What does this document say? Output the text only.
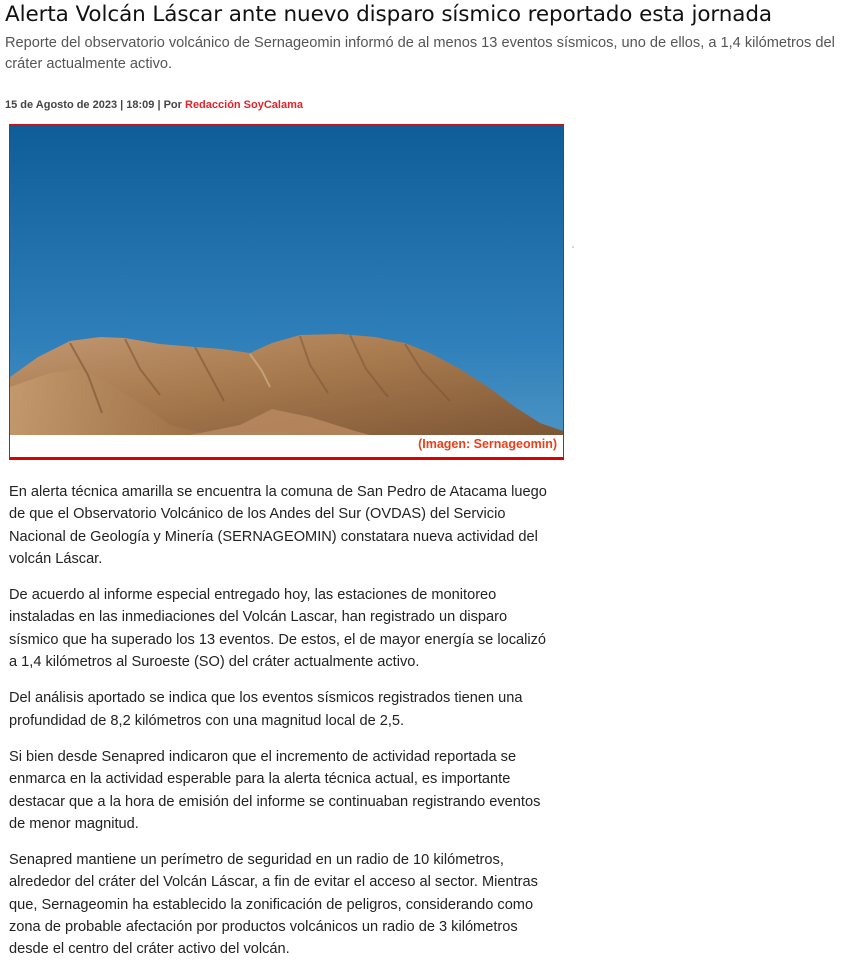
Alerta Volcán Láscar ante nuevo disparo sísmico reportado esta jornada

Reporte del observatorio volcánico de Sernageomin informó de al menos 13 eventos sísmicos, uno de ellos, a 1,4 kilómetros del cráter actualmente activo.

15 de Agosto de 2023 | 18:09 | Por Redacción SoyCalama

(Imagen: Sernageomin)

En alerta técnica amarilla se encuentra la comuna de San Pedro de Atacama luego de que el Observatorio Volcánico de los Andes del Sur (OVDAS) del Servicio Nacional de Geología y Minería (SERNAGEOMIN) constatara nueva actividad del volcán Láscar.

De acuerdo al informe especial entregado hoy, las estaciones de monitoreo instaladas en las inmediaciones del Volcán Lascar, han registrado un disparo sísmico que ha superado los 13 eventos. De estos, el de mayor energía se localizó a 1,4 kilómetros al Suroeste (SO) del cráter actualmente activo.

Del análisis aportado se indica que los eventos sísmicos registrados tienen una profundidad de 8,2 kilómetros con una magnitud local de 2,5.

Si bien desde Senapred indicaron que el incremento de actividad reportada se enmarca en la actividad esperable para la alerta técnica actual, es importante destacar que a la hora de emisión del informe se continuaban registrando eventos de menor magnitud.

Senapred mantiene un perímetro de seguridad en un radio de 10 kilómetros, alrededor del cráter del Volcán Láscar, a fin de evitar el acceso al sector. Mientras que, Sernageomin ha establecido la zonificación de peligros, considerando como zona de probable afectación por productos volcánicos un radio de 3 kilómetros desde el centro del cráter activo del volcán.
